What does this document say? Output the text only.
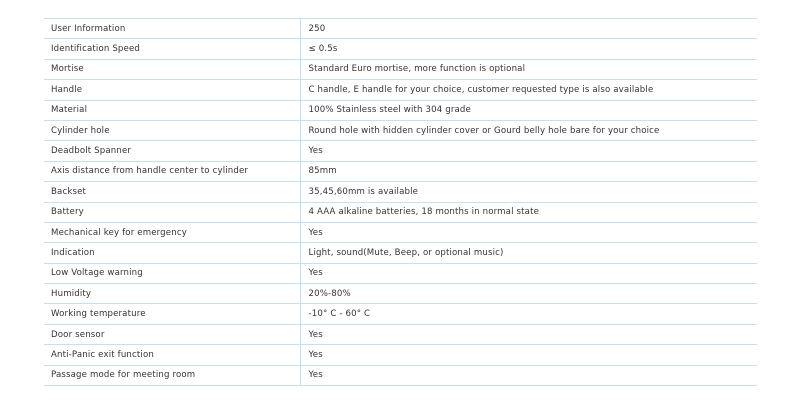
User Information	250
Identification Speed	≤ 0.5s
Mortise	Standard Euro mortise, more function is optional
Handle	C handle, E handle for your choice, customer requested type is also available
Material	100% Stainless steel with 304 grade
Cylinder hole	Round hole with hidden cylinder cover or Gourd belly hole bare for your choice
Deadbolt Spanner	Yes
Axis distance from handle center to cylinder	85mm
Backset	35,45,60mm is available
Battery	4 AAA alkaline batteries, 18 months in normal state
Mechanical key for emergency	Yes
Indication	Light, sound(Mute, Beep, or optional music)
Low Voltage warning	Yes
Humidity	20%-80%
Working temperature	-10° C - 60° C
Door sensor	Yes
Anti-Panic exit function	Yes
Passage mode for meeting room	Yes
